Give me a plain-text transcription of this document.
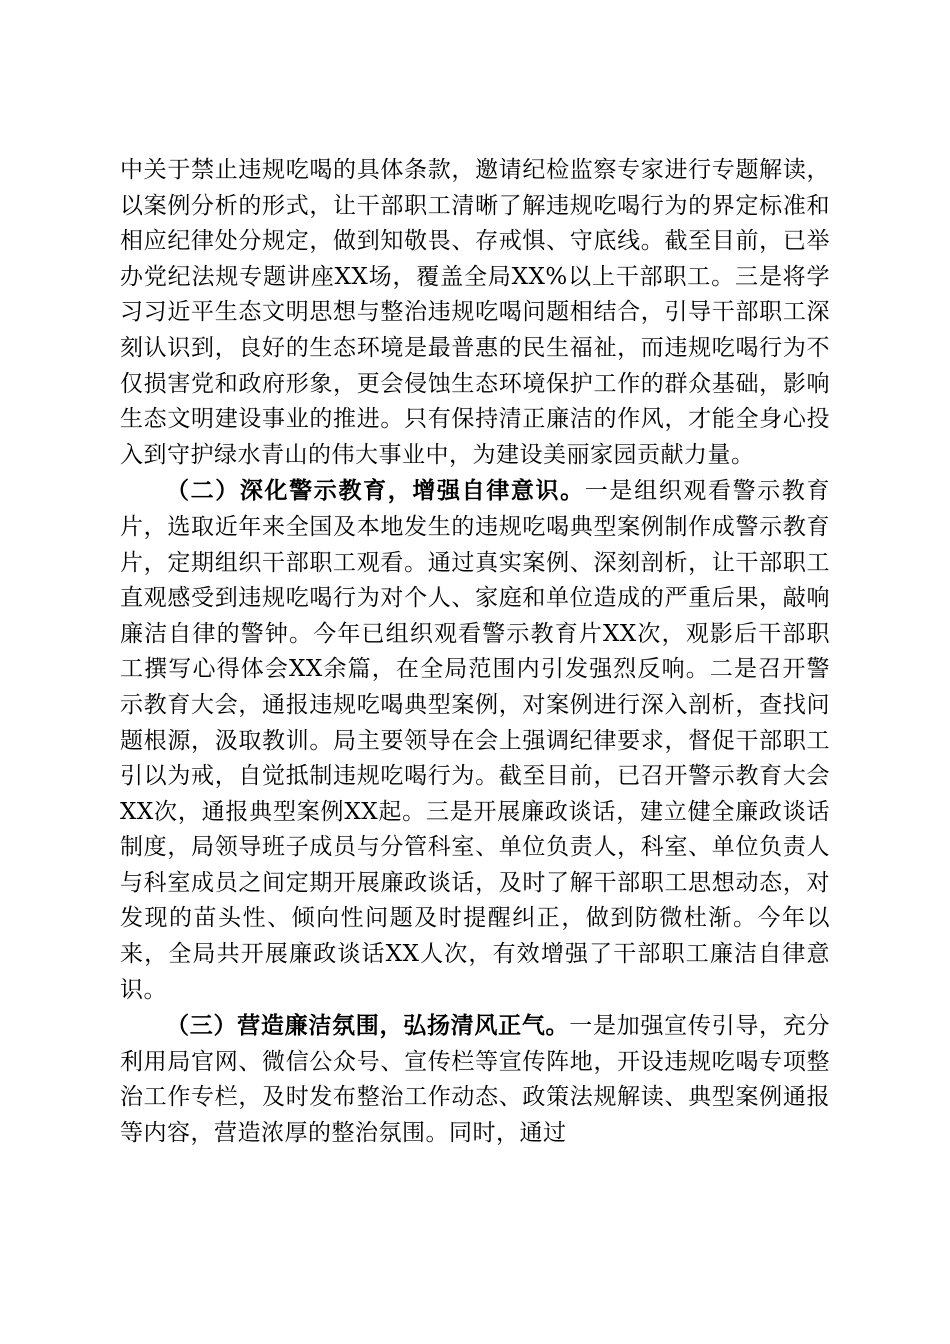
中关于禁止违规吃喝的具体条款，邀请纪检监察专家进行专题解读，以案例分析的形式，让干部职工清晰了解违规吃喝行为的界定标准和相应纪律处分规定，做到知敬畏、存戒惧、守底线。截至目前，已举办党纪法规专题讲座XX场，覆盖全局XX%以上干部职工。三是将学习习近平生态文明思想与整治违规吃喝问题相结合，引导干部职工深刻认识到，良好的生态环境是最普惠的民生福祉，而违规吃喝行为不仅损害党和政府形象，更会侵蚀生态环境保护工作的群众基础，影响生态文明建设事业的推进。只有保持清正廉洁的作风，才能全身心投入到守护绿水青山的伟大事业中，为建设美丽家园贡献力量。

（二）深化警示教育，增强自律意识。一是组织观看警示教育片，选取近年来全国及本地发生的违规吃喝典型案例制作成警示教育片，定期组织干部职工观看。通过真实案例、深刻剖析，让干部职工直观感受到违规吃喝行为对个人、家庭和单位造成的严重后果，敲响廉洁自律的警钟。今年已组织观看警示教育片XX次，观影后干部职工撰写心得体会XX余篇，在全局范围内引发强烈反响。二是召开警示教育大会，通报违规吃喝典型案例，对案例进行深入剖析，查找问题根源，汲取教训。局主要领导在会上强调纪律要求，督促干部职工引以为戒，自觉抵制违规吃喝行为。截至目前，已召开警示教育大会XX次，通报典型案例XX起。三是开展廉政谈话，建立健全廉政谈话制度，局领导班子成员与分管科室、单位负责人，科室、单位负责人与科室成员之间定期开展廉政谈话，及时了解干部职工思想动态，对发现的苗头性、倾向性问题及时提醒纠正，做到防微杜渐。今年以来，全局共开展廉政谈话XX人次，有效增强了干部职工廉洁自律意识。

（三）营造廉洁氛围，弘扬清风正气。一是加强宣传引导，充分利用局官网、微信公众号、宣传栏等宣传阵地，开设违规吃喝专项整治工作专栏，及时发布整治工作动态、政策法规解读、典型案例通报等内容，营造浓厚的整治氛围。同时，通过
